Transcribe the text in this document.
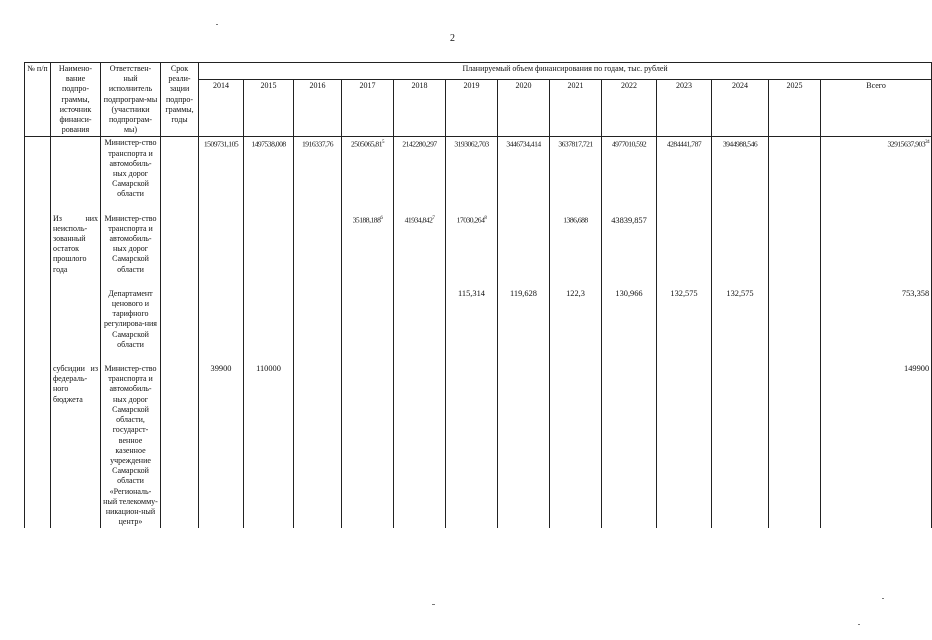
2
№ п/п	Наимено-вание подпро-граммы, источник финанси-рования	Ответствен-ный исполнитель подпрограм-мы (участники подпрограм-мы)	Срок реали-зации подпро-граммы, годы	Планируемый объем финансирования по годам, тыс. рублей												
				2014	2015	2016	2017	2018	2019	2020	2021	2022	2023	2024	2025	Всего
		Министер-ство транспорта и автомобиль-ных дорог Самарской области		1509731,105	1497538,008	1916337,76	2505065,81$^5$	2142280,297	3193062,703	3446734,414	3637817,721	4977010,592	4284441,787	3944988,546		32915637,903$^{24}$

	Из них неисполь-зованный остаток прошлого года	Министер-ство транспорта и автомобиль-ных дорог Самарской области					35188,188$^6$	41934,842$^7$	17030,264$^8$		1386,688	43839,857				

		Департамент ценового и тарифного регулирова-ния Самарской области							115,314	119,628	122,3	130,966	132,575	132,575		753,358

	субсидии из федераль-ного бюджета	Министер-ство транспорта и автомобиль-ных дорог Самарской области, государст-венное казенное учреждение Самарской области «Региональ-ный телекомму-никацион-ный центр»		39900	110000											149900
